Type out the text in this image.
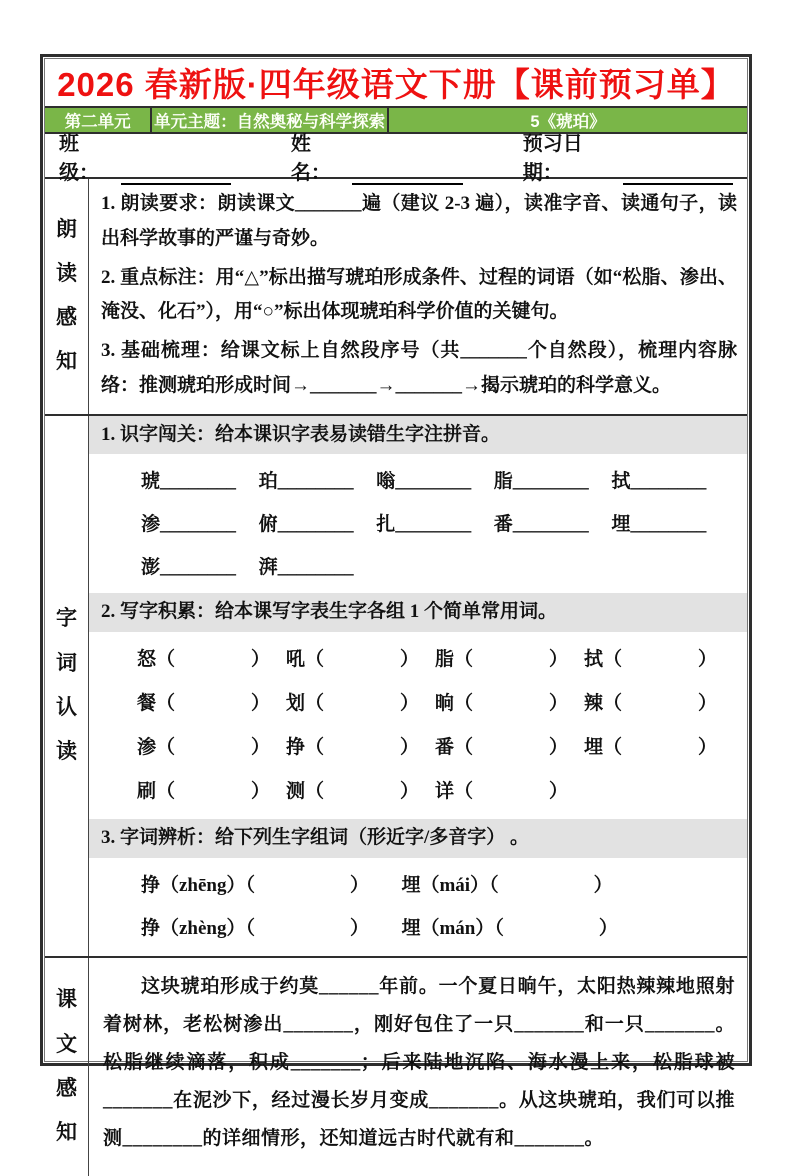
2026 春新版·四年级语文下册【课前预习单】
第二单元	单元主题：自然奥秘与科学探索	5《琥珀》
班级：
姓名：
预习日期：
朗读感知
1. 朗读要求：朗读课文_______遍（建议 2-3 遍），读准字音、读通句子，读出科学故事的严谨与奇妙。
2. 重点标注：用“△”标出描写琥珀形成条件、过程的词语（如“松脂、渗出、淹没、化石”），用“○”标出体现琥珀科学价值的关键句。
3. 基础梳理：给课文标上自然段序号（共_______个自然段），梳理内容脉络：推测琥珀形成时间→_______→_______→揭示琥珀的科学意义。
字词认读
1. 识字闯关：给本课识字表易读错生字注拼音。
琥________	珀________	嗡________	脂________	拭________
渗________	俯________	扎________	番________	埋________
澎________	湃________
2. 写字积累：给本课写字表生字各组 1 个简单常用词。
怒（　　　　） 吼（　　　　） 脂（　　　　） 拭（　　　　）
餐（　　　　） 划（　　　　） 晌（　　　　） 辣（　　　　）
渗（　　　　） 挣（　　　　） 番（　　　　） 埋（　　　　）
刷（　　　　） 测（　　　　） 详（　　　　）
3. 字词辨析：给下列生字组词（形近字/多音字） 。
挣（zhēng）（　　　　　）	埋（mái）（　　　　　）
挣（zhèng）（　　　　　）	埋（mán）（　　　　　）
课文感知

这块琥珀形成于约莫______年前。一个夏日晌午，太阳热辣辣地照射着树林，老松树渗出_______，刚好包住了一只_______和一只_______。松脂继续滴落，积成_______；后来陆地沉陷、海水漫上来，松脂球被_______在泥沙下，经过漫长岁月变成_______。从这块琥珀，我们可以推测________的详细情形，还知道远古时代就有和_______。
